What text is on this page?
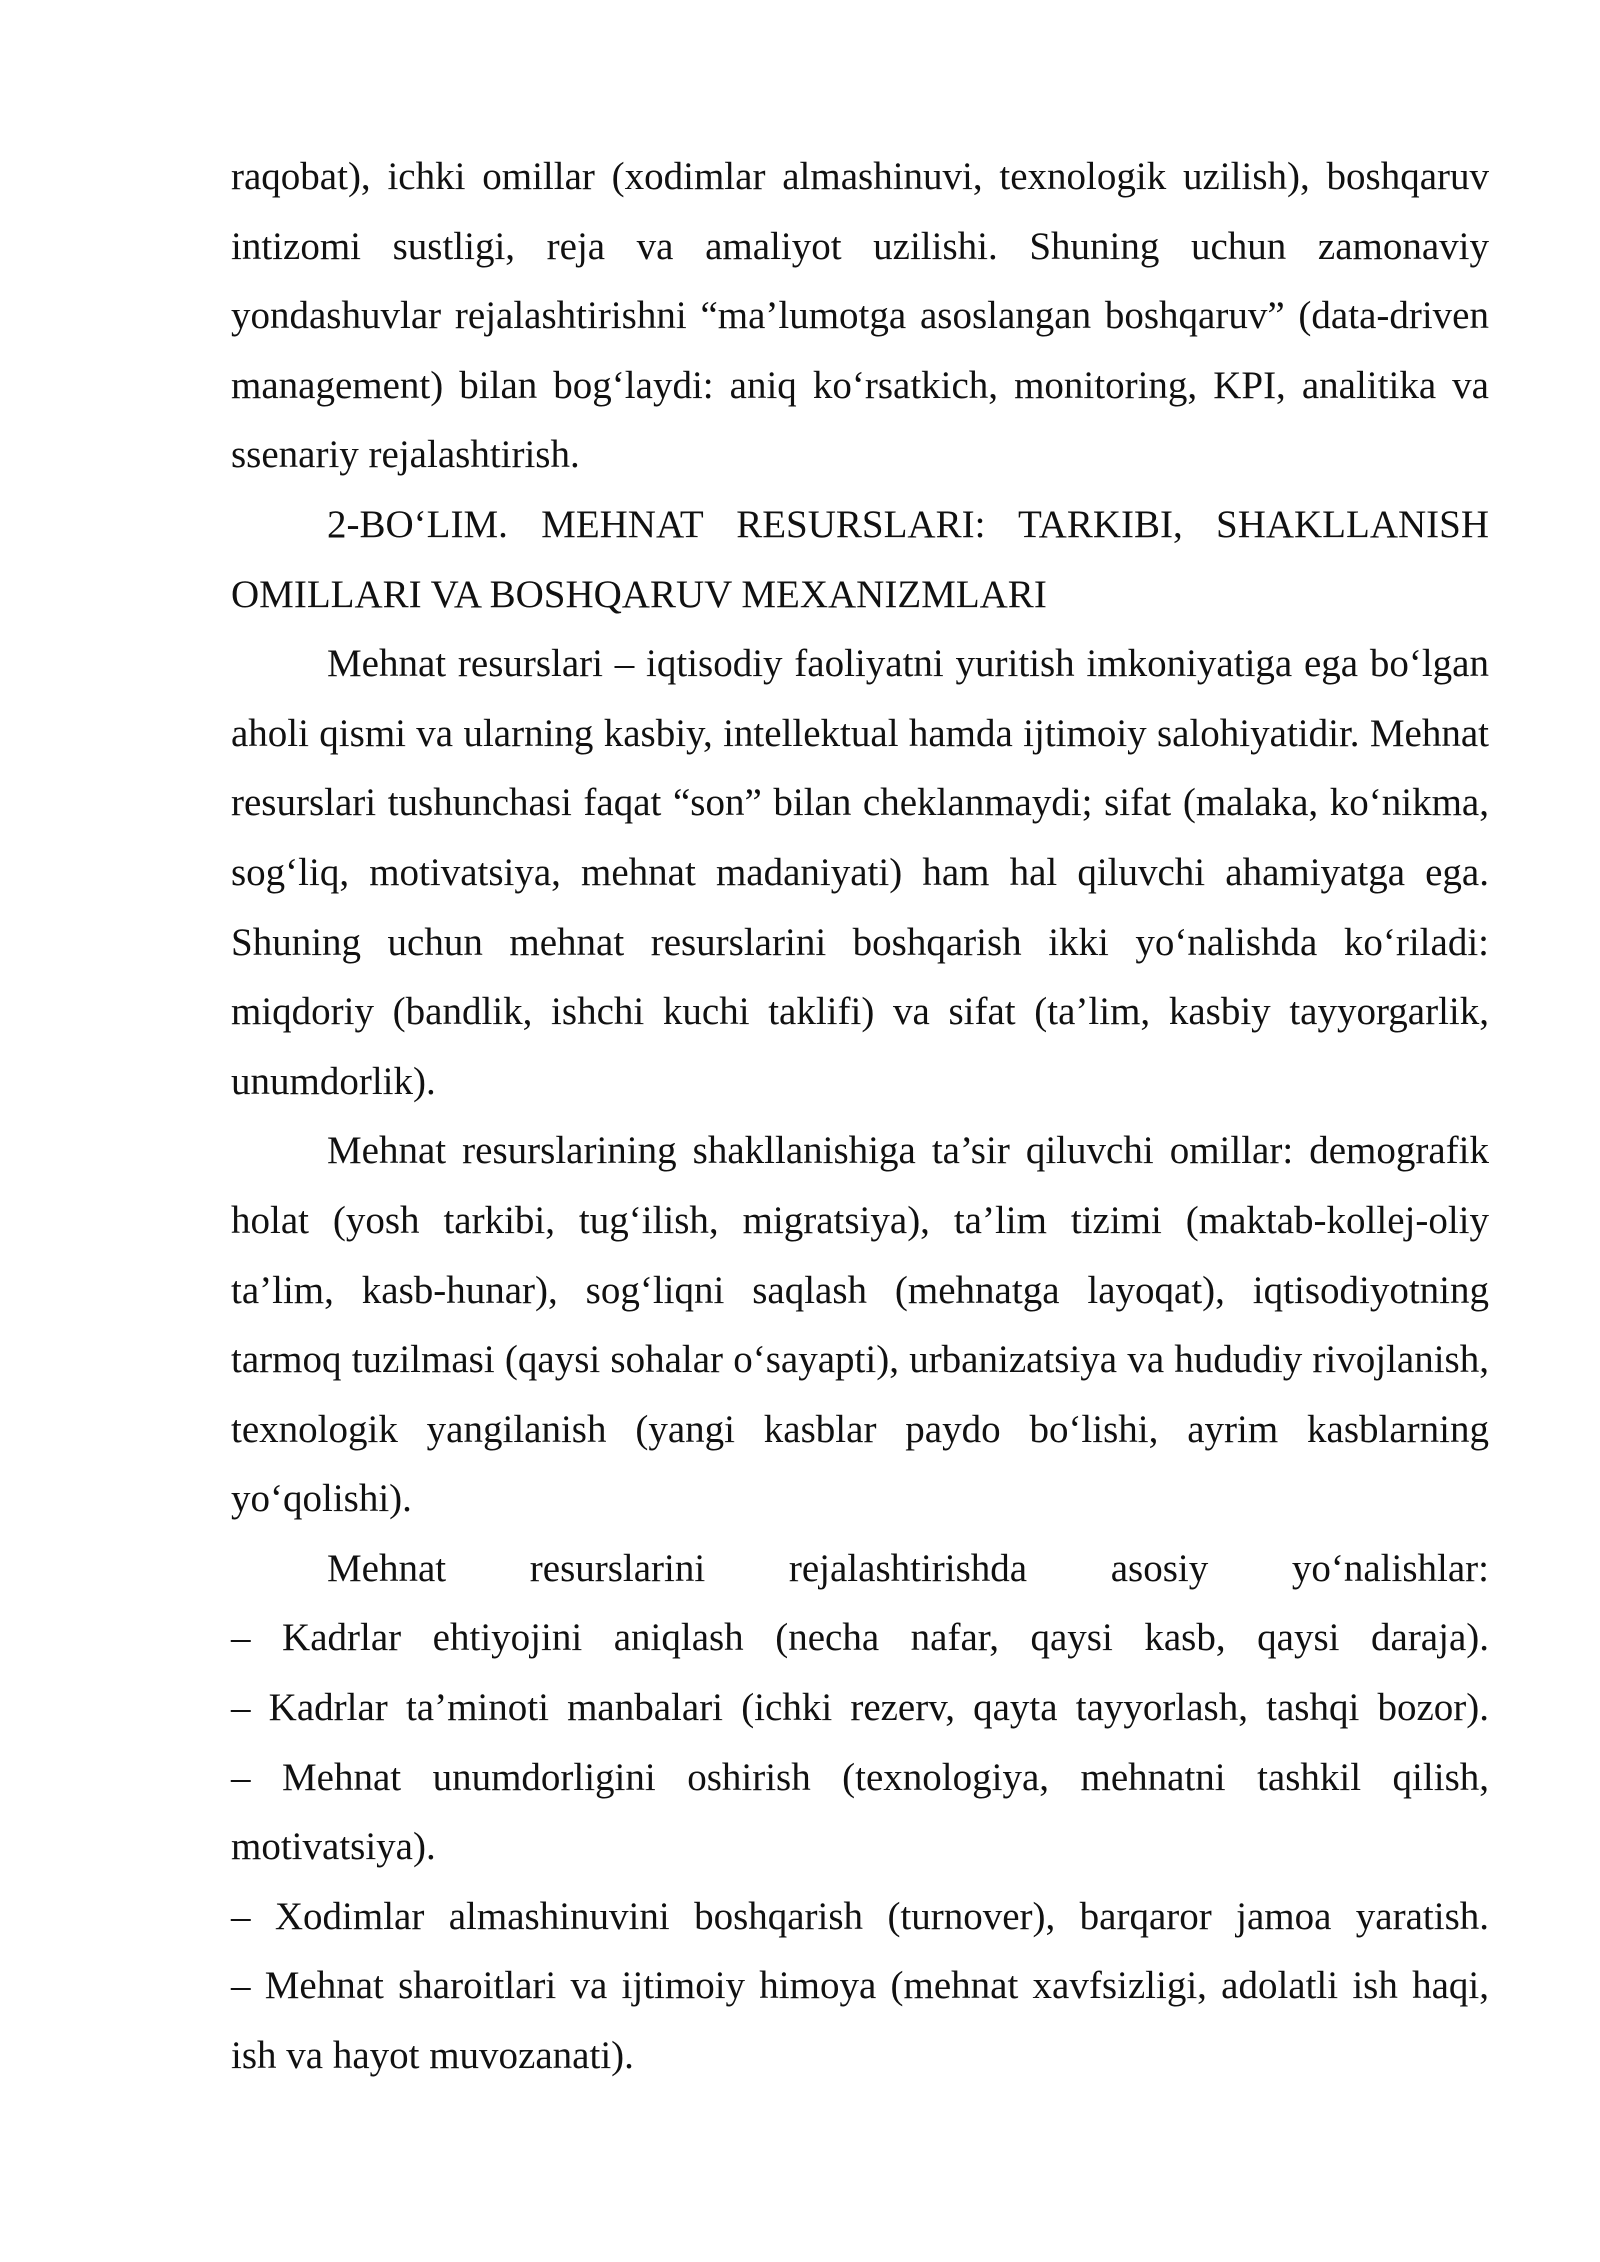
raqobat), ichki omillar (xodimlar almashinuvi, texnologik uzilish), boshqaruv intizomi sustligi, reja va amaliyot uzilishi. Shuning uchun zamonaviy yondashuvlar rejalashtirishni “ma’lumotga asoslangan boshqaruv” (data-driven management) bilan bog‘laydi: aniq ko‘rsatkich, monitoring, KPI, analitika va ssenariy rejalashtirish.

2-BO‘LIM. MEHNAT RESURSLARI: TARKIBI, SHAKLLANISH OMILLARI VA BOSHQARUV MEXANIZMLARI

Mehnat resurslari – iqtisodiy faoliyatni yuritish imkoniyatiga ega bo‘lgan aholi qismi va ularning kasbiy, intellektual hamda ijtimoiy salohiyatidir. Mehnat resurslari tushunchasi faqat “son” bilan cheklanmaydi; sifat (malaka, ko‘nikma, sog‘liq, motivatsiya, mehnat madaniyati) ham hal qiluvchi ahamiyatga ega. Shuning uchun mehnat resurslarini boshqarish ikki yo‘nalishda ko‘riladi: miqdoriy (bandlik, ishchi kuchi taklifi) va sifat (ta’lim, kasbiy tayyorgarlik, unumdorlik).

Mehnat resurslarining shakllanishiga ta’sir qiluvchi omillar: demografik holat (yosh tarkibi, tug‘ilish, migratsiya), ta’lim tizimi (maktab-kollej-oliy ta’lim, kasb-hunar), sog‘liqni saqlash (mehnatga layoqat), iqtisodiyotning tarmoq tuzilmasi (qaysi sohalar o‘sayapti), urbanizatsiya va hududiy rivojlanish, texnologik yangilanish (yangi kasblar paydo bo‘lishi, ayrim kasblarning yo‘qolishi).

Mehnat resurslarini rejalashtirishda asosiy yo‘nalishlar:

– Kadrlar ehtiyojini aniqlash (necha nafar, qaysi kasb, qaysi daraja).

– Kadrlar ta’minoti manbalari (ichki rezerv, qayta tayyorlash, tashqi bozor).

– Mehnat unumdorligini oshirish (texnologiya, mehnatni tashkil qilish, motivatsiya).

– Xodimlar almashinuvini boshqarish (turnover), barqaror jamoa yaratish.

– Mehnat sharoitlari va ijtimoiy himoya (mehnat xavfsizligi, adolatli ish haqi, ish va hayot muvozanati).
